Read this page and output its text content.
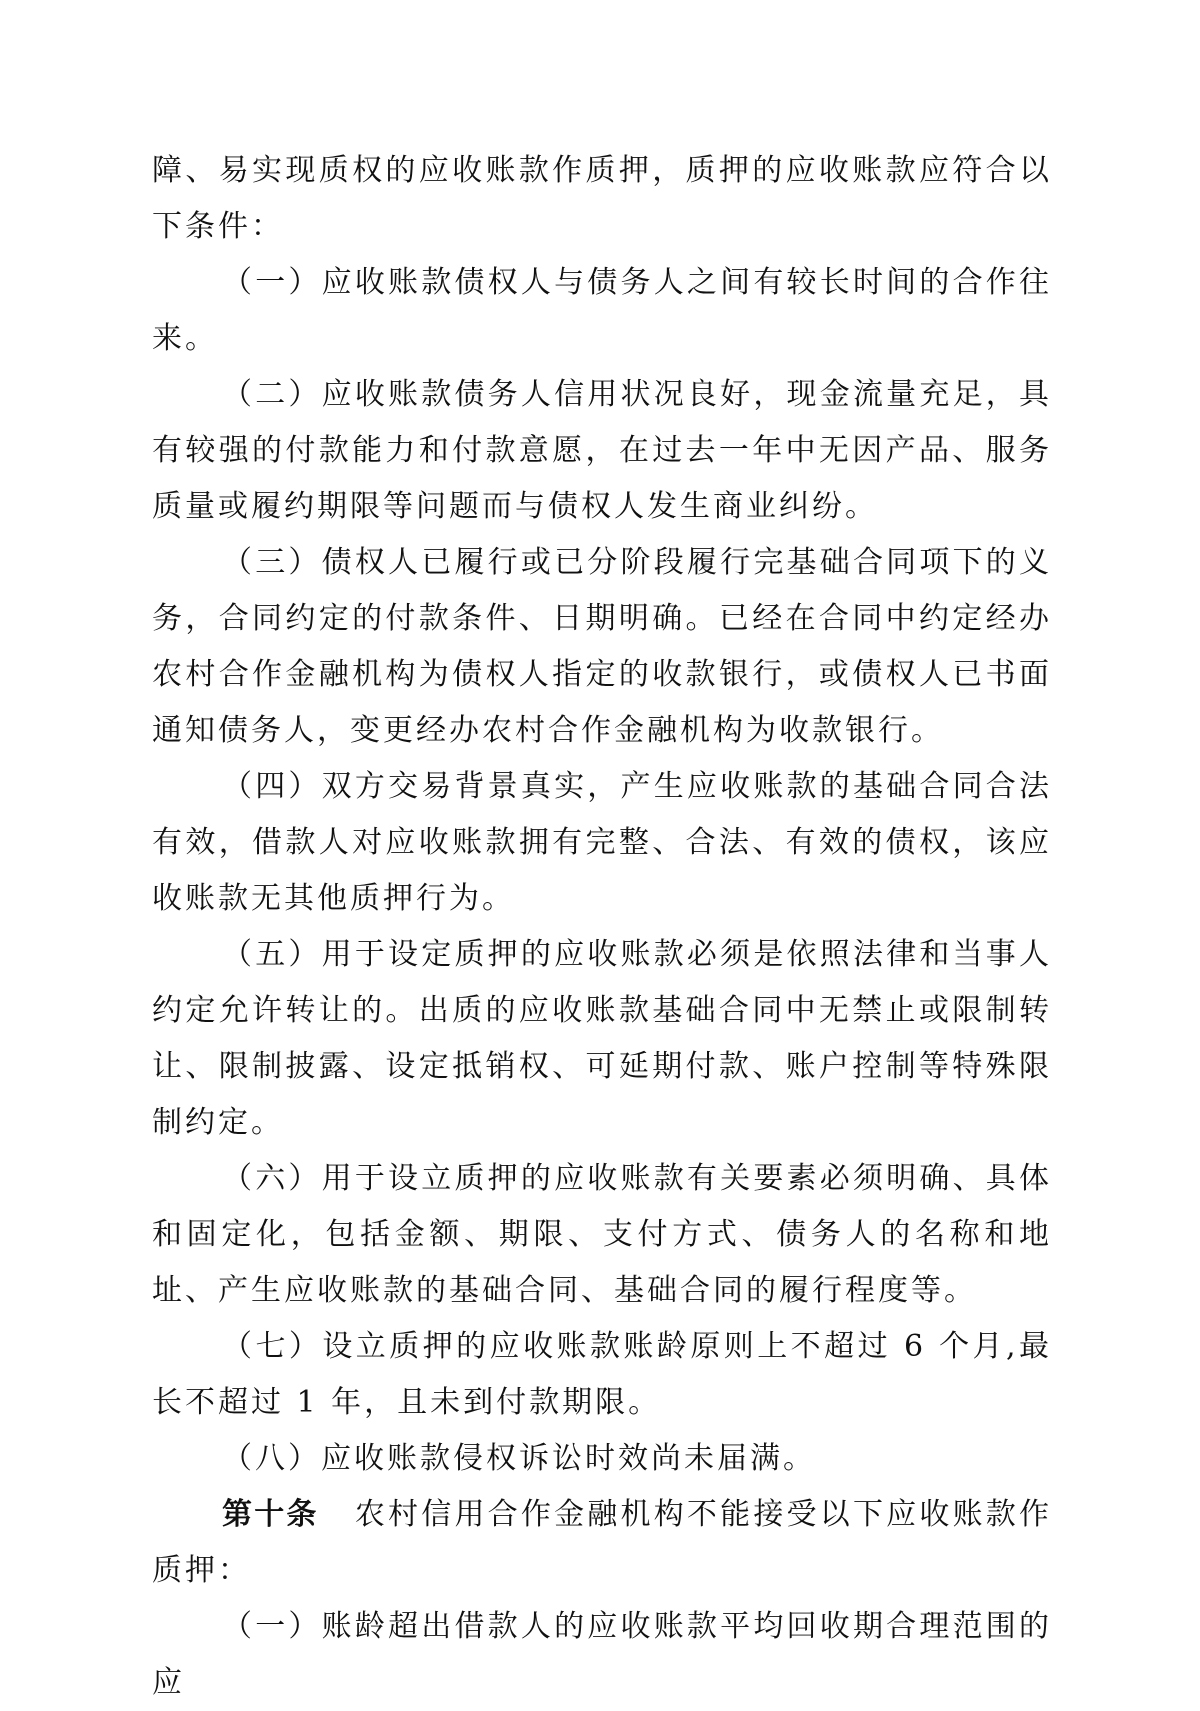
障、易实现质权的应收账款作质押，质押的应收账款应符合以下条件：

（一）应收账款债权人与债务人之间有较长时间的合作往来。

（二）应收账款债务人信用状况良好，现金流量充足，具有较强的付款能力和付款意愿，在过去一年中无因产品、服务质量或履约期限等问题而与债权人发生商业纠纷。

（三）债权人已履行或已分阶段履行完基础合同项下的义务，合同约定的付款条件、日期明确。已经在合同中约定经办农村合作金融机构为债权人指定的收款银行，或债权人已书面通知债务人，变更经办农村合作金融机构为收款银行。

（四）双方交易背景真实，产生应收账款的基础合同合法有效，借款人对应收账款拥有完整、合法、有效的债权，该应收账款无其他质押行为。

（五）用于设定质押的应收账款必须是依照法律和当事人约定允许转让的。出质的应收账款基础合同中无禁止或限制转让、限制披露、设定抵销权、可延期付款、账户控制等特殊限制约定。

（六）用于设立质押的应收账款有关要素必须明确、具体和固定化，包括金额、期限、支付方式、债务人的名称和地址、产生应收账款的基础合同、基础合同的履行程度等。

（七）设立质押的应收账款账龄原则上不超过 6 个月,最长不超过 1 年，且未到付款期限。

（八）应收账款侵权诉讼时效尚未届满。

第十条 农村信用合作金融机构不能接受以下应收账款作质押：

（一）账龄超出借款人的应收账款平均回收期合理范围的应
